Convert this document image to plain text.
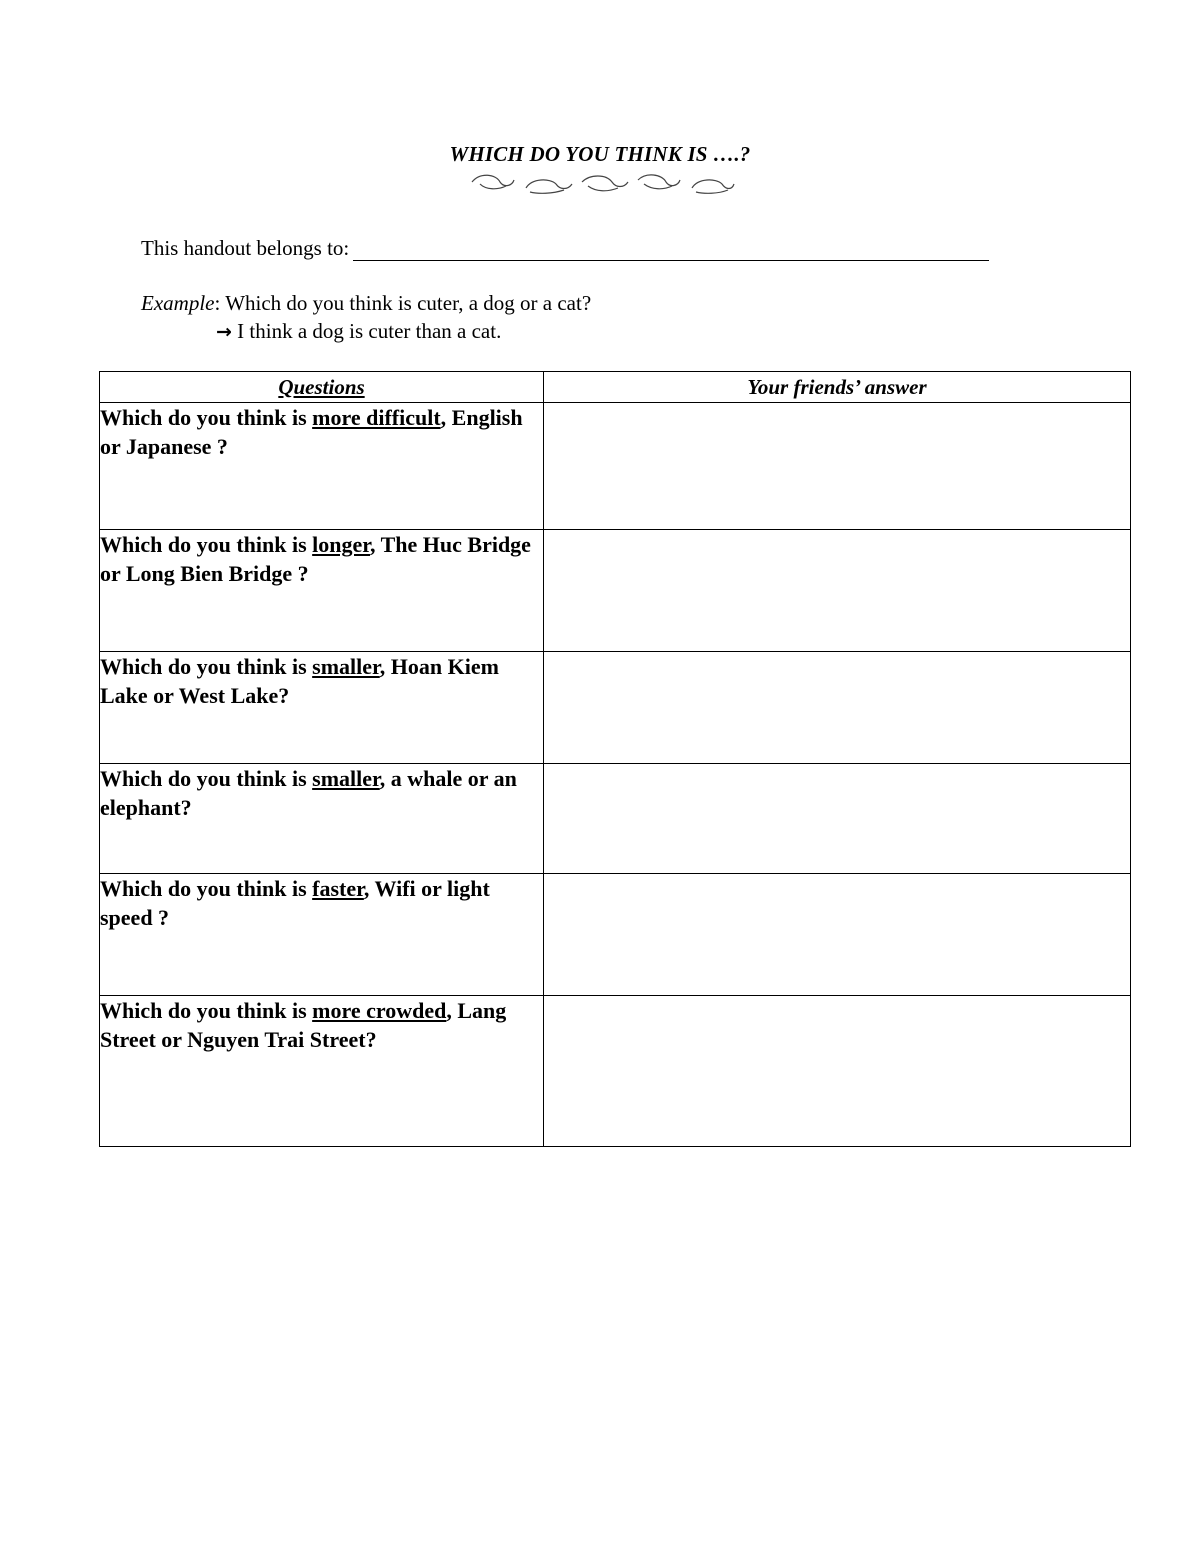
WHICH DO YOU THINK IS ….?
This handout belongs to:
Example: Which do you think is cuter, a dog or a cat?
→ I think a dog is cuter than a cat.
Questions	Your friends’ answer
Which do you think is more difficult, English or Japanese ?	
Which do you think is longer, The Huc Bridge or Long Bien Bridge ?	
Which do you think is smaller, Hoan Kiem Lake or West Lake?	
Which do you think is smaller, a whale or an elephant?	
Which do you think is faster, Wifi or light speed ?	
Which do you think is more crowded, Lang Street or Nguyen Trai Street?	
